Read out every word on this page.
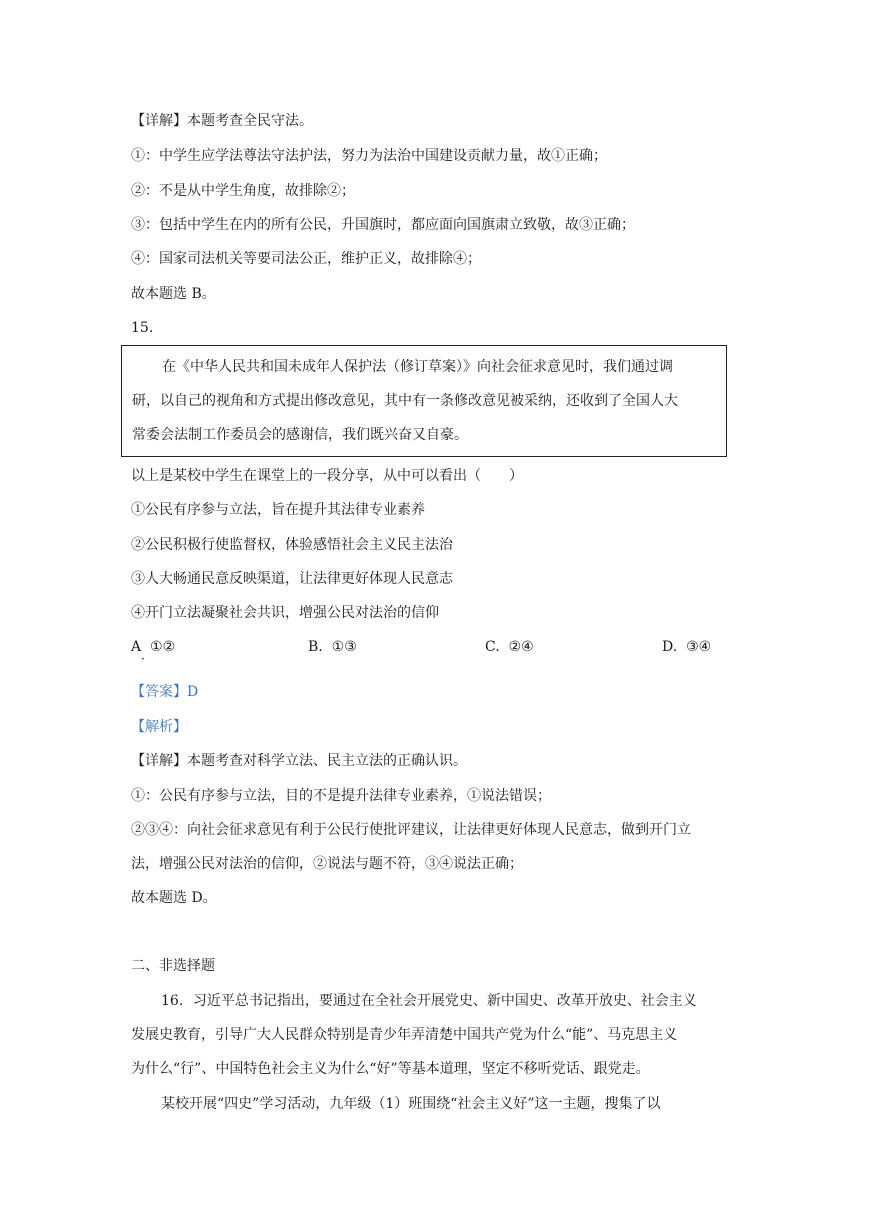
【详解】本题考查全民守法。
①：中学生应学法尊法守法护法，努力为法治中国建设贡献力量，故①正确；
②：不是从中学生角度，故排除②；
③：包括中学生在内的所有公民，升国旗时，都应面向国旗肃立致敬，故③正确；
④：国家司法机关等要司法公正，维护正义，故排除④；
故本题选 B。
15.
在《中华人民共和国未成年人保护法（修订草案）》向社会征求意见时，我们通过调
研，以自己的视角和方式提出修改意见，其中有一条修改意见被采纳，还收到了全国人大
常委会法制工作委员会的感谢信，我们既兴奋又自豪。
以上是某校中学生在课堂上的一段分享，从中可以看出（　　）
①公民有序参与立法，旨在提升其法律专业素养
②公民积极行使监督权，体验感悟社会主义民主法治
③人大畅通民意反映渠道，让法律更好体现人民意志
④开门立法凝聚社会共识，增强公民对法治的信仰
A ①②
·
B. ①③	C. ②④	D. ③④
【答案】D
【解析】
【详解】本题考查对科学立法、民主立法的正确认识。
①：公民有序参与立法，目的不是提升法律专业素养，①说法错误；
②③④：向社会征求意见有利于公民行使批评建议，让法律更好体现人民意志，做到开门立
法，增强公民对法治的信仰，②说法与题不符，③④说法正确；
故本题选 D。
二、非选择题
16．习近平总书记指出，要通过在全社会开展党史、新中国史、改革开放史、社会主义
发展史教育，引导广大人民群众特别是青少年弄清楚中国共产党为什么“能”、马克思主义
为什么“行”、中国特色社会主义为什么“好”等基本道理，坚定不移听党话、跟党走。
某校开展“四史”学习活动，九年级（1）班围绕“社会主义好”这一主题，搜集了以
